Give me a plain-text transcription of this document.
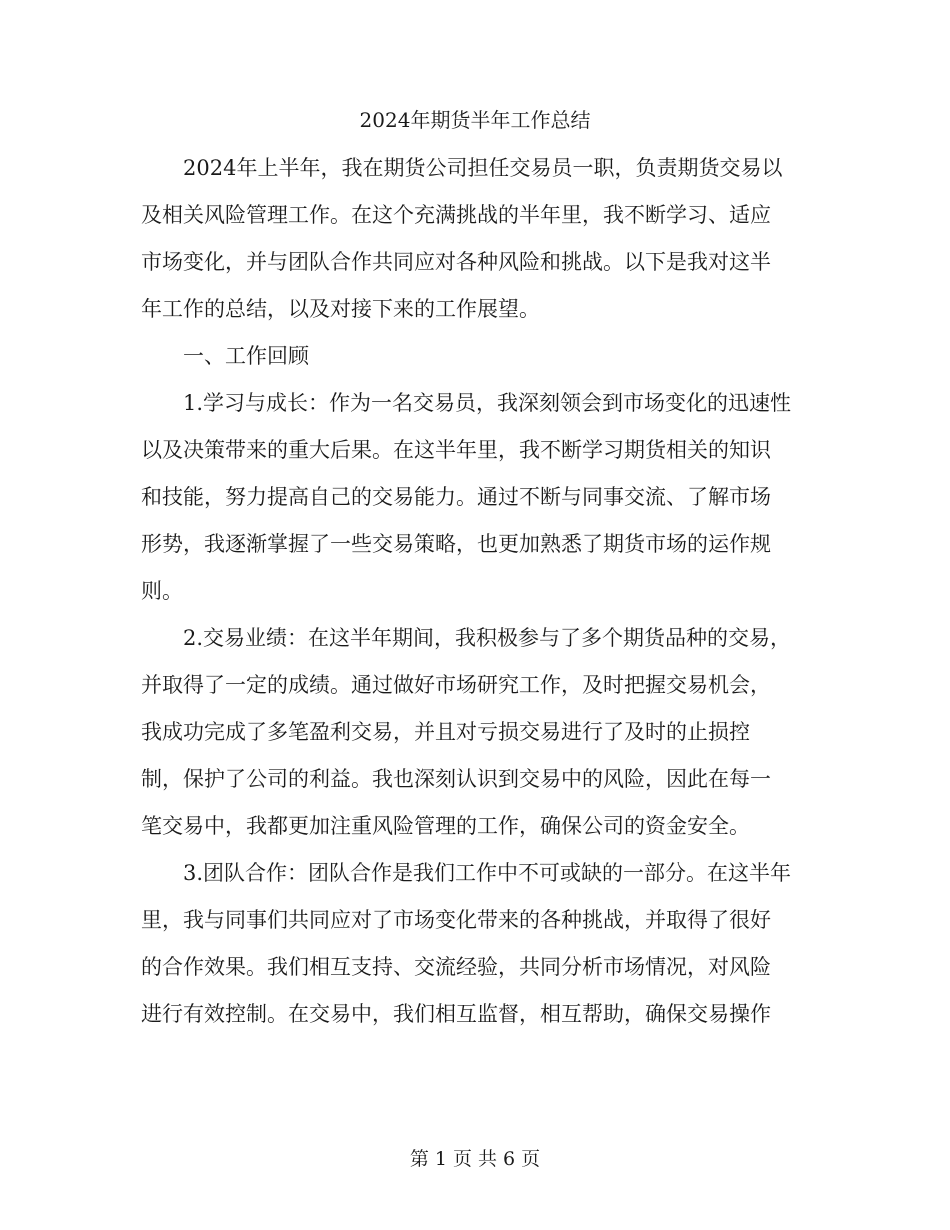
2024年期货半年工作总结
2024年上半年，我在期货公司担任交易员一职，负责期货交易以
及相关风险管理工作。在这个充满挑战的半年里，我不断学习、适应
市场变化，并与团队合作共同应对各种风险和挑战。以下是我对这半
年工作的总结，以及对接下来的工作展望。
一、工作回顾
1.学习与成长：作为一名交易员，我深刻领会到市场变化的迅速性
以及决策带来的重大后果。在这半年里，我不断学习期货相关的知识
和技能，努力提高自己的交易能力。通过不断与同事交流、了解市场
形势，我逐渐掌握了一些交易策略，也更加熟悉了期货市场的运作规
则。
2.交易业绩：在这半年期间，我积极参与了多个期货品种的交易，
并取得了一定的成绩。通过做好市场研究工作，及时把握交易机会，
我成功完成了多笔盈利交易，并且对亏损交易进行了及时的止损控
制，保护了公司的利益。我也深刻认识到交易中的风险，因此在每一
笔交易中，我都更加注重风险管理的工作，确保公司的资金安全。
3.团队合作：团队合作是我们工作中不可或缺的一部分。在这半年
里，我与同事们共同应对了市场变化带来的各种挑战，并取得了很好
的合作效果。我们相互支持、交流经验，共同分析市场情况，对风险
进行有效控制。在交易中，我们相互监督，相互帮助，确保交易操作
第 1 页 共 6 页
